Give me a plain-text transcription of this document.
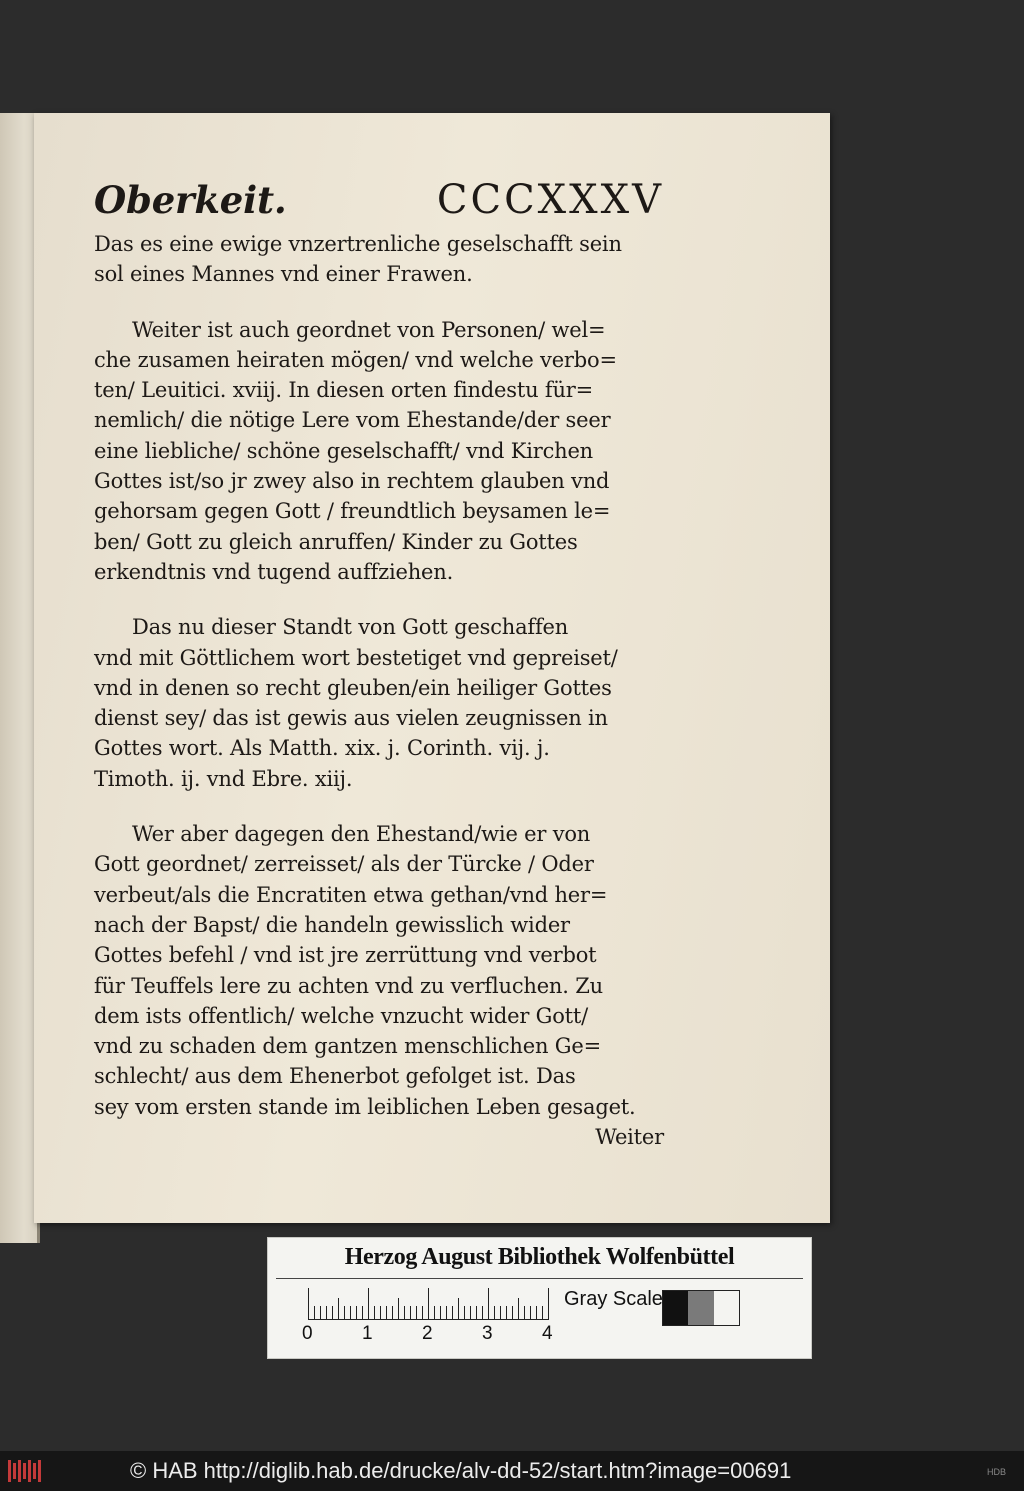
Oberkeit.	CCCXXXV
Das es eine ewige vnzertrenliche geselschafft sein
sol eines Mannes vnd einer Frawen.
Weiter ist auch geordnet von Personen/ wel=
che zusamen heiraten mögen/ vnd welche verbo=
ten/ Leuitici. xviij. In diesen orten findestu für=
nemlich/ die nötige Lere vom Ehestande/der seer
eine liebliche/ schöne geselschafft/ vnd Kirchen
Gottes ist/so jr zwey also in rechtem glauben vnd
gehorsam gegen Gott / freundtlich beysamen le=
ben/ Gott zu gleich anruffen/ Kinder zu Gottes
erkendtnis vnd tugend auffziehen.
Das nu dieser Standt von Gott geschaffen
vnd mit Göttlichem wort bestetiget vnd gepreiset/
vnd in denen so recht gleuben/ein heiliger Gottes
dienst sey/ das ist gewis aus vielen zeugnissen in
Gottes wort. Als Matth. xix. j. Corinth. vij. j.
Timoth. ij. vnd Ebre. xiij.
Wer aber dagegen den Ehestand/wie er von
Gott geordnet/ zerreisset/ als der Türcke / Oder
verbeut/als die Encratiten etwa gethan/vnd her=
nach der Bapst/ die handeln gewisslich wider
Gottes befehl / vnd ist jre zerrüttung vnd verbot
für Teuffels lere zu achten vnd zu verfluchen. Zu
dem ists offentlich/ welche vnzucht wider Gott/
vnd zu schaden dem gantzen menschlichen Ge=
schlecht/ aus dem Ehenerbot gefolget ist. Das
sey vom ersten stande im leiblichen Leben gesaget.
Weiter
Herzog August Bibliothek Wolfenbüttel
0	1	2	3	4
Gray Scale
© HAB http://diglib.hab.de/drucke/alv-dd-52/start.htm?image=00691	HDB
